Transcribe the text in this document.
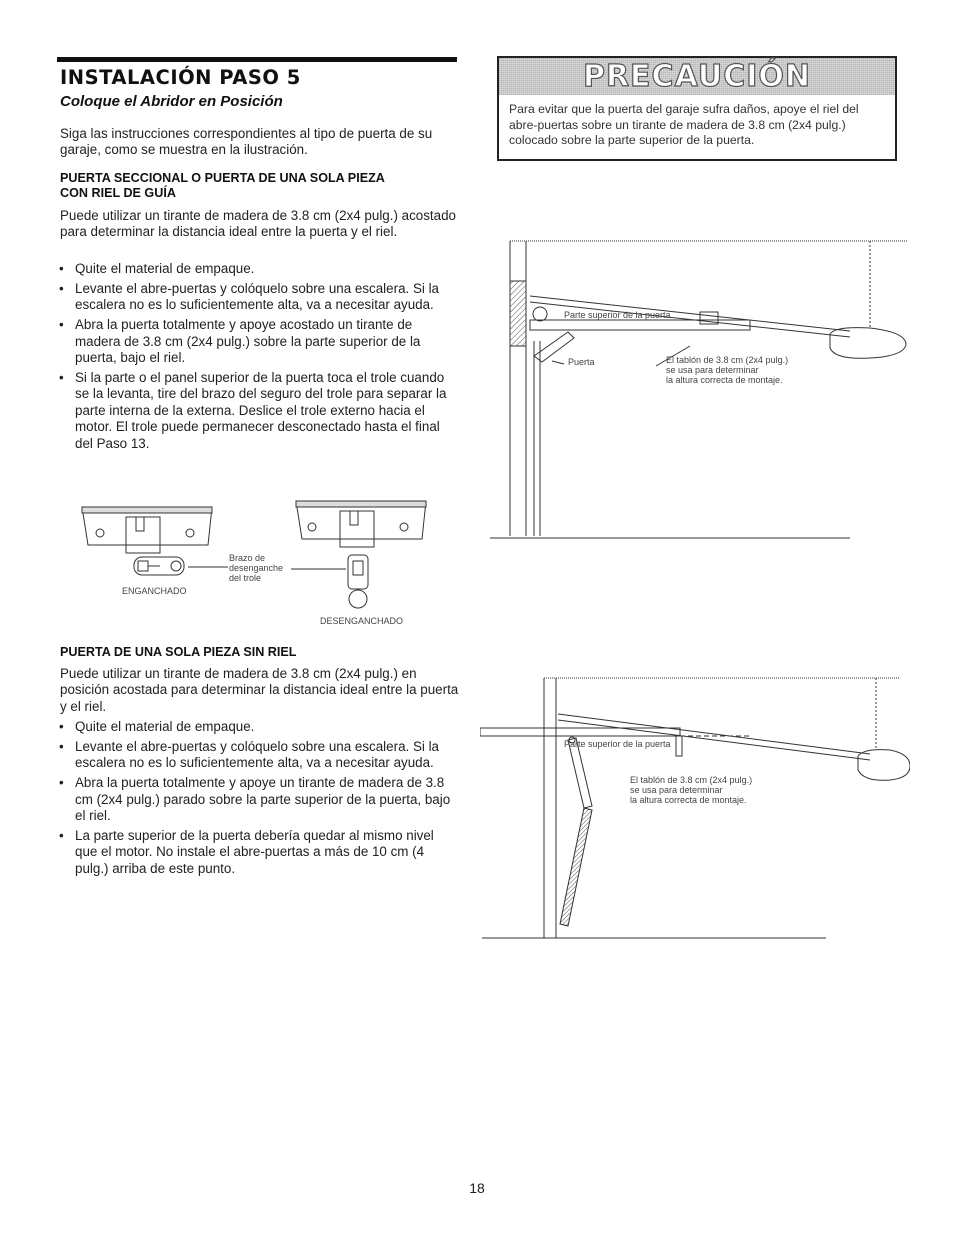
INSTALACIÓN PASO 5
Coloque el Abridor en Posición

Siga las instrucciones correspondientes al tipo de puerta de su garaje, como se muestra en la ilustración.

PUERTA SECCIONAL O PUERTA DE UNA SOLA PIEZA

CON RIEL DE GUÍA

Puede utilizar un tirante de madera de 3.8 cm (2x4 pulg.) acostado para determinar la distancia ideal entre la puerta y el riel.

• Quite el material de empaque.
• Levante el abre-puertas y colóquelo sobre una escalera. Si la escalera no es lo suficientemente alta, va a necesitar ayuda.
• Abra la puerta totalmente y apoye acostado un tirante de madera de 3.8 cm (2x4 pulg.) sobre la parte superior de la puerta, bajo el riel.
• Si la parte o el panel superior de la puerta toca el trole cuando se la levanta, tire del brazo del seguro del trole para separar la parte interna de la externa. Deslice el trole externo hacia el motor. El trole puede permanecer desconectado hasta el final del Paso 13.
ENGANCHADO
Brazo de
desenganche
del trole
DESENGANCHADO

PUERTA DE UNA SOLA PIEZA SIN RIEL

Puede utilizar un tirante de madera de 3.8 cm (2x4 pulg.) en posición acostada para determinar la distancia ideal entre la puerta y el riel.

• Quite el material de empaque.
• Levante el abre-puertas y colóquelo sobre una escalera. Si la escalera no es lo suficientemente alta, va a necesitar ayuda.
• Abra la puerta totalmente y apoye un tirante de madera de 3.8 cm (2x4 pulg.) parado sobre la parte superior de la puerta, bajo el riel.
• La parte superior de la puerta debería quedar al mismo nivel que el motor. No instale el abre-puertas a más de 10 cm (4 pulg.) arriba de este punto.
PRECAUCIÓN
Para evitar que la puerta del garaje sufra daños, apoye el riel del abre-puertas sobre un tirante de madera de 3.8 cm (2x4 pulg.) colocado sobre la parte superior de la puerta.
Parte superior de la puerta
Puerta	El tablón de 3.8 cm (2x4 pulg.)
se usa para determinar
la altura correcta de montaje.
Parte superior de la puerta
El tablón de 3.8 cm (2x4 pulg.)
se usa para determinar
la altura correcta de montaje.
18
